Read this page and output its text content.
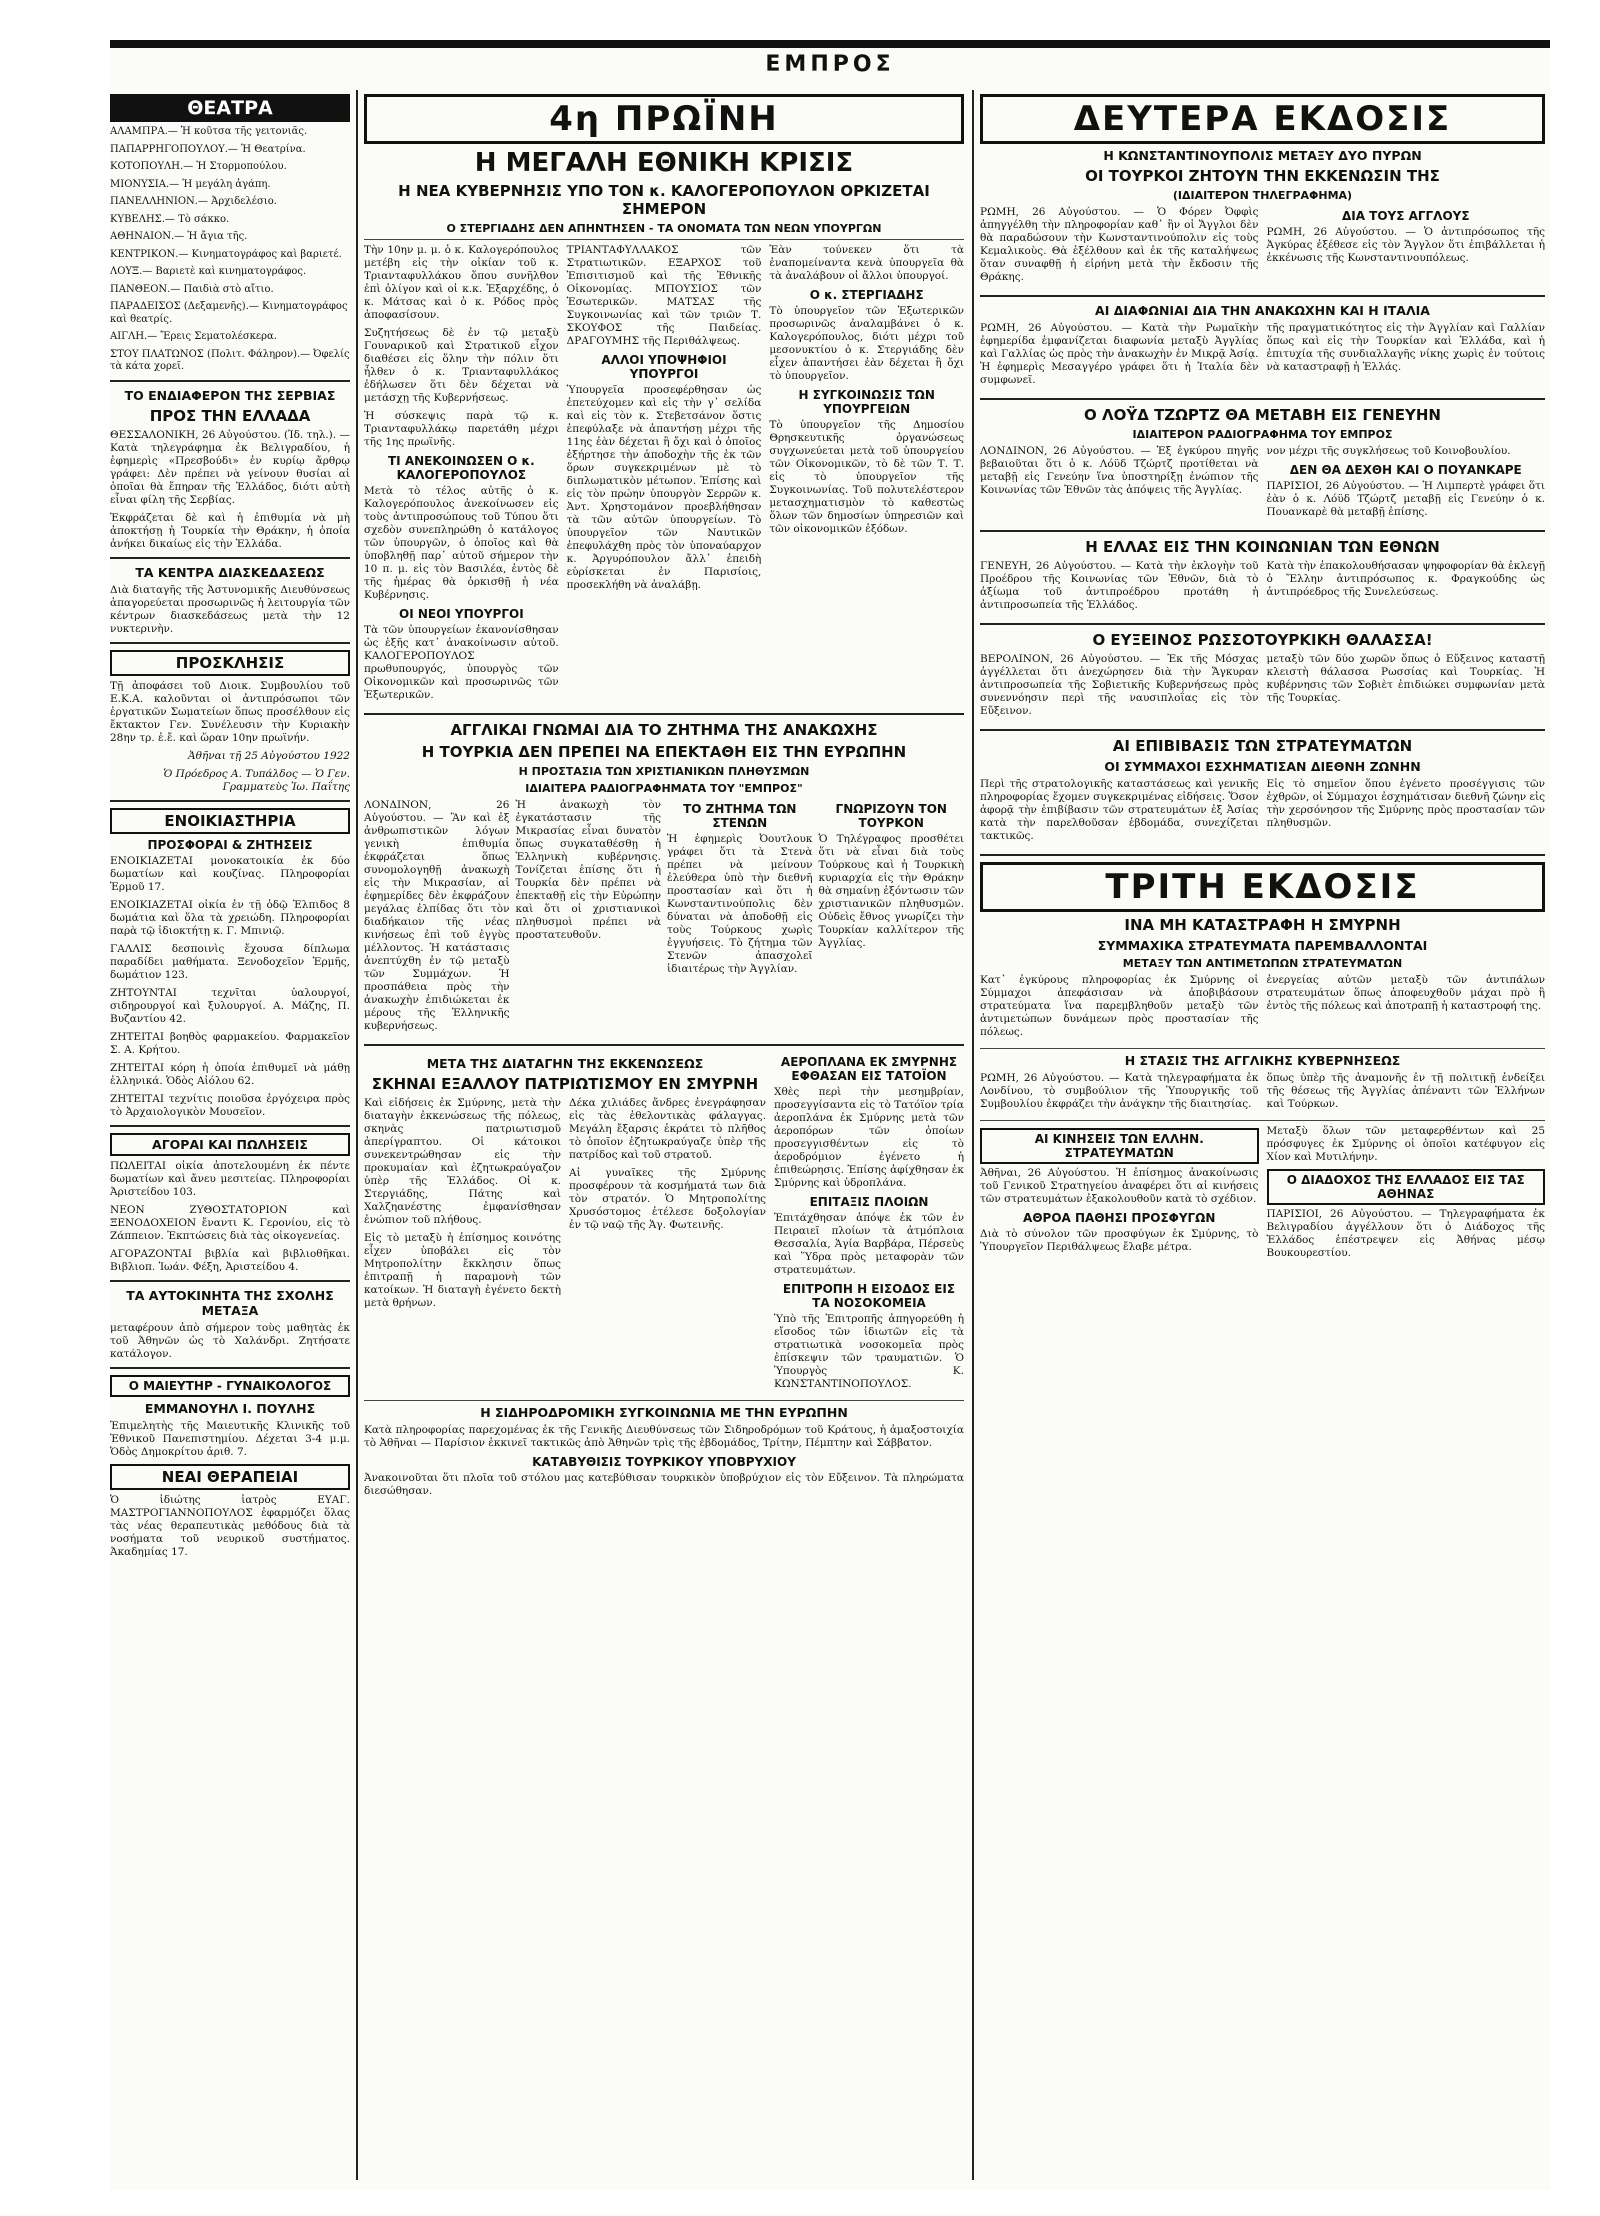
ΕΜΠΡΟΣ
ΘΕΑΤΡΑ

ΑΛΑΜΠΡΑ.— Ἡ κοῦτσα τῆς γειτονιᾶς.

ΠΑΠΑΡΡΗΓΟΠΟΥΛΟΥ.— Ἡ Θεατρίνα.

ΚΟΤΟΠΟΥΛΗ.— Ἡ Στορμοπούλου.

ΜΙΟΝΥΣΙΑ.— Ἡ μεγάλη ἀγάπη.

ΠΑΝΕΛΛΗΝΙΟΝ.— Ἀρχιδελέσιο.

ΚΥΒΕΛΗΣ.— Τὸ σάκκο.

ΑΘΗΝΑΙΟΝ.— Ἡ ἄγια τῆς.

ΚΕΝΤΡΙΚΟΝ.— Κινηματογράφος καὶ βαριετέ.

ΛΟΥΞ.— Βαριετὲ καὶ κινηματογράφος.

ΠΑΝΘΕΟΝ.— Παιδιὰ στὸ αἴτιο.

ΠΑΡΑΔΕΙΣΟΣ (Δεξαμενῆς).— Κινηματογράφος καὶ θεατρίς.

ΑΙΓΛΗ.— Ἔρεις Σεματολέσκερα.

ΣΤΟΥ ΠΛΑΤΩΝΟΣ (Πολιτ. Φάληρον).— Ὀφελίς τὰ κάτα χορεῖ.

ΤΟ ΕΝΔΙΑΦΕΡΟΝ ΤΗΣ ΣΕΡΒΙΑΣ
ΠΡΟΣ ΤΗΝ ΕΛΛΑΔΑ

ΘΕΣΣΑΛΟΝΙΚΗ, 26 Αὐγούστου. (Ἰδ. τηλ.). — Κατὰ τηλεγράφημα ἐκ Βελιγραδίου, ἡ ἐφημερὶς «Πρεσβούδι» ἐν κυρίῳ ἄρθρῳ γράφει: Δὲν πρέπει νὰ γείνουν θυσίαι αἱ ὁποῖαι θὰ ἔπηραν τῆς Ἑλλάδος, διότι αὐτὴ εἶναι φίλη τῆς Σερβίας.

Ἐκφράζεται δὲ καὶ ἡ ἐπιθυμία νὰ μὴ ἀποκτήσῃ ἡ Τουρκία τὴν Θράκην, ἡ ὁποία ἀνήκει δικαίως εἰς τὴν Ἑλλάδα.

ΤΑ ΚΕΝΤΡΑ ΔΙΑΣΚΕΔΑΣΕΩΣ

Διὰ διαταγῆς τῆς Ἀστυνομικῆς Διευθύνσεως ἀπαγορεύεται προσωρινῶς ἡ λειτουργία τῶν κέντρων διασκεδάσεως μετὰ τὴν 12 νυκτερινὴν.

ΠΡΟΣΚΛΗΣΙΣ

Τῇ ἀποφάσει τοῦ Διοικ. Συμβουλίου τοῦ Ε.Κ.Α. καλοῦνται οἱ ἀντιπρόσωποι τῶν ἐργατικῶν Σωματείων ὅπως προσέλθουν εἰς ἔκτακτον Γεν. Συνέλευσιν τὴν Κυριακὴν 28ην τρ. ἐ.ἔ. καὶ ὥραν 10ην πρωϊνήν.

Ἀθῆναι τῇ 25 Αὐγούστου 1922

Ὁ Πρόεδρος Α. Τυπάλδος — Ὁ Γεν. Γραμματεὺς Ἰω. Παΐτης

ΕΝΟΙΚΙΑΣΤΗΡΙΑ
ΠΡΟΣΦΟΡΑΙ & ΖΗΤΗΣΕΙΣ

ΕΝΟΙΚΙΑΖΕΤΑΙ μονοκατοικία ἐκ δύο δωματίων καὶ κουζίνας. Πληροφορίαι Ἑρμοῦ 17.

ΕΝΟΙΚΙΑΖΕΤΑΙ οἰκία ἐν τῇ ὁδῷ Ἑλπιδος 8 δωμάτια καὶ ὅλα τὰ χρειώδη. Πληροφορίαι παρὰ τῷ ἰδιοκτήτῃ κ. Γ. Μπινιῷ.

ΓΑΛΛΙΣ δεσποινὶς ἔχουσα δίπλωμα παραδίδει μαθήματα. Ξενοδοχεῖον Ἑρμῆς, δωμάτιον 123.

ΖΗΤΟΥΝΤΑΙ τεχνῖται ὑαλουργοί, σιδηρουργοί καὶ ξυλουργοί. Α. Μάζης, Π. Βυζαντίου 42.

ΖΗΤΕΙΤΑΙ βοηθὸς φαρμακείου. Φαρμακεῖον Σ. Α. Κρήτου.

ΖΗΤΕΙΤΑΙ κόρη ἡ ὁποία ἐπιθυμεῖ νὰ μάθῃ ἐλληνικά. Ὁδὸς Αἰόλου 62.

ΖΗΤΕΙΤΑΙ τεχνίτις ποιοῦσα ἐργόχειρα πρὸς τὸ Ἀρχαιολογικὸν Μουσεῖον.

ΑΓΟΡΑΙ ΚΑΙ ΠΩΛΗΣΕΙΣ

ΠΩΛΕΙΤΑΙ οἰκία ἀποτελουμένη ἐκ πέντε δωματίων καὶ ἄνευ μεσιτείας. Πληροφορίαι Ἀριστείδου 103.

ΝΕΟΝ ΖΥΘΟΣΤΑΤΟΡΙΟΝ καὶ ΞΕΝΟΔΟΧΕΙΟΝ ἔναντι Κ. Γερονίου, εἰς τὸ Ζάππειον. Ἐκπτώσεις διὰ τὰς οἰκογενείας.

ΑΓΟΡΑΖΟΝΤΑΙ βιβλία καὶ βιβλιοθῆκαι. Βιβλιοπ. Ἰωάν. Φέξη, Ἀριστείδου 4.

ΤΑ ΑΥΤΟΚΙΝΗΤΑ ΤΗΣ ΣΧΟΛΗΣ ΜΕΤΑΞΑ

μεταφέρουν ἀπὸ σήμερον τοὺς μαθητὰς ἐκ τοῦ Ἀθηνῶν ὡς τὸ Χαλάνδρι. Ζητήσατε κατάλογον.

Ο ΜΑΙΕΥΤΗΡ - ΓΥΝΑΙΚΟΛΟΓΟΣ
ΕΜΜΑΝΟΥΗΛ Ι. ΠΟΥΛΗΣ

Ἐπιμελητὴς τῆς Μαιευτικῆς Κλινικῆς τοῦ Ἐθνικοῦ Πανεπιστημίου. Δέχεται 3-4 μ.μ. Ὁδὸς Δημοκρίτου ἀριθ. 7.

ΝΕΑΙ ΘΕΡΑΠΕΙΑΙ

Ὁ ἰδιώτης ἰατρὸς ΕΥΑΓ. ΜΑΣΤΡΟΓΙΑΝΝΟΠΟΥΛΟΣ ἐφαρμόζει ὅλας τὰς νέας θεραπευτικὰς μεθόδους διὰ τὰ νοσήματα τοῦ νευρικοῦ συστήματος. Ἀκαδημίας 17.

4η ΠΡΩΪΝΗ
Η ΜΕΓΑΛΗ ΕΘΝΙΚΗ ΚΡΙΣΙΣ
Η ΝΕΑ ΚΥΒΕΡΝΗΣΙΣ ΥΠΟ ΤΟΝ κ. ΚΑΛΟΓΕΡΟΠΟΥΛΟΝ ΟΡΚΙΖΕΤΑΙ ΣΗΜΕΡΟΝ
Ο ΣΤΕΡΓΙΑΔΗΣ ΔΕΝ ΑΠΗΝΤΗΣΕΝ - ΤΑ ΟΝΟΜΑΤΑ ΤΩΝ ΝΕΩΝ ΥΠΟΥΡΓΩΝ

Τὴν 10ην μ. μ. ὁ κ. Καλογερόπουλος μετέβη εἰς τὴν οἰκίαν τοῦ κ. Τριανταφυλλάκου ὅπου συνῆλθον ἐπὶ ὀλίγον καὶ οἱ κ.κ. Ἐξαρχέδης, ὁ κ. Μάτσας καὶ ὁ κ. Ρόδος πρὸς ἀποφασίσουν.

Συζητήσεως δὲ ἐν τῷ μεταξὺ Γουναρικοῦ καὶ Στρατικοῦ εἶχον διαθέσει εἰς ὅλην τὴν πόλιν ὅτι ἦλθεν ὁ κ. Τριανταφυλλάκος ἐδήλωσεν ὅτι δὲν δέχεται νὰ μετάσχῃ τῆς Κυβερνήσεως.

Ἡ σύσκεψις παρὰ τῷ κ. Τριανταφυλλάκῳ παρετάθη μέχρι τῆς 1ης πρωϊνῆς.

ΤΙ ΑΝΕΚΟΙΝΩΣΕΝ Ο κ. ΚΑΛΟΓΕΡΟΠΟΥΛΟΣ

Μετὰ τὸ τέλος αὐτῆς ὁ κ. Καλογερόπουλος ἀνεκοίνωσεν εἰς τοὺς ἀντιπροσώπους τοῦ Τύπου ὅτι σχεδὸν συνεπληρώθη ὁ κατάλογος τῶν ὑπουργῶν, ὁ ὁποῖος καὶ θὰ ὑποβληθῇ παρ᾽ αὐτοῦ σήμερον τὴν 10 π. μ. εἰς τὸν Βασιλέα, ἐντὸς δὲ τῆς ἡμέρας θὰ ὁρκισθῇ ἡ νέα Κυβέρνησις.

ΟΙ ΝΕΟΙ ΥΠΟΥΡΓΟΙ

Τὰ τῶν ὑπουργείων ἐκανονίσθησαν ὡς ἑξῆς κατ᾽ ἀνακοίνωσιν αὐτοῦ. ΚΑΛΟΓΕΡΟΠΟΥΛΟΣ πρωθυπουργός, ὑπουργὸς τῶν Οἰκονομικῶν καὶ προσωρινῶς τῶν Ἐξωτερικῶν.

ΤΡΙΑΝΤΑΦΥΛΛΑΚΟΣ τῶν Στρατιωτικῶν. ΕΞΑΡΧΟΣ τοῦ Ἐπισιτισμοῦ καὶ τῆς Ἐθνικῆς Οἰκονομίας. ΜΠΟΥΣΙΟΣ τῶν Ἐσωτερικῶν. ΜΑΤΣΑΣ τῆς Συγκοινωνίας καὶ τῶν τριῶν Τ. ΣΚΟΥΦΟΣ τῆς Παιδείας. ΔΡΑΓΟΥΜΗΣ τῆς Περιθάλψεως.

ΑΛΛΟΙ ΥΠΟΨΗΦΙΟΙ ΥΠΟΥΡΓΟΙ

Ὑπουργεῖα προσεφέρθησαν ὡς ἐπετεύχομεν καὶ εἰς τὴν γ᾽ σελίδα καὶ εἰς τὸν κ. Στεβετσάνον ὅστις ἐπεφύλαξε νὰ ἀπαντήσῃ μέχρι τῆς 11ης ἐὰν δέχεται ἢ ὄχι καὶ ὁ ὁποῖος ἐξήρτησε τὴν ἀποδοχὴν τῆς ἐκ τῶν ὅρων συγκεκριμένων μὲ τὸ διπλωματικὸν μέτωπον. Ἐπίσης καὶ εἰς τὸν πρώην ὑπουργὸν Σερρῶν κ. Ἀντ. Χρηστομάνον προεβλήθησαν τὰ τῶν αὐτῶν ὑπουργείων. Τὸ ὑπουργεῖον τῶν Ναυτικῶν ἐπεφυλάχθη πρὸς τὸν ὑποναύαρχον κ. Ἀργυρόπουλον ἄλλ᾽ ἐπειδὴ εὑρίσκεται ἐν Παρισίοις, προσεκλήθη νὰ ἀναλάβῃ.

Ἐὰν τούνεκεν ὅτι τὰ ἐναπομείναντα κενὰ ὑπουργεῖα θὰ τὰ ἀναλάβουν οἱ ἄλλοι ὑπουργοί.

Ο κ. ΣΤΕΡΓΙΑΔΗΣ

Τὸ ὑπουργεῖον τῶν Ἐξωτερικῶν προσωρινῶς ἀναλαμβάνει ὁ κ. Καλογερόπουλος, διότι μέχρι τοῦ μεσονυκτίου ὁ κ. Στεργιάδης δὲν εἶχεν ἀπαντήσει ἐὰν δέχεται ἢ ὄχι τὸ ὑπουργεῖον.

Η ΣΥΓΚΟΙΝΩΣΙΣ ΤΩΝ ΥΠΟΥΡΓΕΙΩΝ

Τὸ ὑπουργεῖον τῆς Δημοσίου Θρησκευτικῆς ὀργανώσεως συγχωνεύεται μετὰ τοῦ ὑπουργείου τῶν Οἰκονομικῶν, τὸ δὲ τῶν Τ. Τ. εἰς τὸ ὑπουργεῖον τῆς Συγκοινωνίας. Τοῦ πολυτελέστερον μετασχηματισμὸν τὸ καθεστὼς ὅλων τῶν δημοσίων ὑπηρεσιῶν καὶ τῶν οἰκονομικῶν ἐξόδων.

ΑΓΓΛΙΚΑΙ ΓΝΩΜΑΙ ΔΙΑ ΤΟ ΖΗΤΗΜΑ ΤΗΣ ΑΝΑΚΩΧΗΣ
Η ΤΟΥΡΚΙΑ ΔΕΝ ΠΡΕΠΕΙ ΝΑ ΕΠΕΚΤΑΘΗ ΕΙΣ ΤΗΝ ΕΥΡΩΠΗΝ
Η ΠΡΟΣΤΑΣΙΑ ΤΩΝ ΧΡΙΣΤΙΑΝΙΚΩΝ ΠΛΗΘΥΣΜΩΝ
ΙΔΙΑΙΤΕΡΑ ΡΑΔΙΟΓΡΑΦΗΜΑΤΑ ΤΟΥ "ΕΜΠΡΟΣ"

ΛΟΝΔΙΝΟΝ, 26 Αὐγούστου. — Ἂν καὶ ἐξ ἀνθρωπιστικῶν λόγων γενικὴ ἐπιθυμία ἐκφράζεται ὅπως συνομολογηθῇ ἀνακωχὴ εἰς τὴν Μικρασίαν, αἱ ἐφημερίδες δὲν ἐκφράζουν μεγάλας ἐλπίδας ὅτι τὸν διαδήκαιον τῆς νέας κινήσεως ἐπὶ τοῦ ἐγγὺς μέλλοντος. Ἡ κατάστασις ἀνεπτύχθη ἐν τῷ μεταξὺ τῶν Συμμάχων. Ἡ προσπάθεια πρὸς τὴν ἀνακωχὴν ἐπιδιώκεται ἐκ μέρους τῆς Ἑλληνικῆς κυβερνήσεως.

Ἡ ἀνακωχὴ τὸν ἐγκατάστασιν τῆς Μικρασίας εἶναι δυνατὸν ὅπως συγκαταθέσθῃ ἡ Ἑλληνικὴ κυβέρνησις. Τονίζεται ἐπίσης ὅτι ἡ Τουρκία δὲν πρέπει νὰ ἐπεκταθῇ εἰς τὴν Εὐρώπην καὶ ὅτι οἱ χριστιανικοὶ πληθυσμοὶ πρέπει νὰ προστατευθοῦν.

ΤΟ ΖΗΤΗΜΑ ΤΩΝ ΣΤΕΝΩΝ

Ἡ ἐφημερὶς Ὀουτλουκ γράφει ὅτι τὰ Στενὰ πρέπει νὰ μείνουν ἐλεύθερα ὑπὸ τὴν διεθνῆ προστασίαν καὶ ὅτι ἡ Κωνσταντινούπολις δὲν δύναται νὰ ἀποδοθῇ εἰς τοὺς Τούρκους χωρὶς ἐγγυήσεις. Τὸ ζήτημα τῶν Στενῶν ἀπασχολεῖ ἰδιαιτέρως τὴν Ἀγγλίαν.

ΓΝΩΡΙΖΟΥΝ ΤΟΝ ΤΟΥΡΚΟΝ

Ὁ Τηλέγραφος προσθέτει ὅτι νὰ εἶναι διὰ τοὺς Τούρκους καὶ ἡ Τουρκικὴ κυριαρχία εἰς τὴν Θράκην θὰ σημαίνῃ ἐξόντωσιν τῶν χριστιανικῶν πληθυσμῶν. Οὐδεὶς ἔθνος γνωρίζει τὴν Τουρκίαν καλλίτερον τῆς Ἀγγλίας.

ΜΕΤΑ ΤΗΣ ΔΙΑΤΑΓΗΝ ΤΗΣ ΕΚΚΕΝΩΣΕΩΣ
ΣΚΗΝΑΙ ΕΞΑΛΛΟΥ ΠΑΤΡΙΩΤΙΣΜΟΥ ΕΝ ΣΜΥΡΝΗ

Καὶ εἰδήσεις ἐκ Σμύρνης, μετὰ τὴν διαταγὴν ἐκκενώσεως τῆς πόλεως, σκηνὰς πατριωτισμοῦ ἀπερίγραπτου. Οἱ κάτοικοι συνεκεντρώθησαν εἰς τὴν προκυμαίαν καὶ ἐζητωκραύγαζον ὑπὲρ τῆς Ἑλλάδος. Οἱ κ. Στεργιάδης, Πάτης καὶ Χαλζηανέστης ἐμφανίσθησαν ἐνώπιον τοῦ πλήθους.

Εἰς τὸ μεταξὺ ἡ ἐπίσημος κοινότης εἶχεν ὑποβάλει εἰς τὸν Μητροπολίτην ἔκκλησιν ὅπως ἐπιτραπῇ ἡ παραμονὴ τῶν κατοίκων. Ἡ διαταγὴ ἐγένετο δεκτὴ μετὰ θρήνων.

Δέκα χιλιάδες ἄνδρες ἐνεγράφησαν εἰς τὰς ἐθελοντικὰς φάλαγγας. Μεγάλη ἔξαρσις ἐκράτει τὸ πλῆθος τὸ ὁποῖον ἐζητωκραύγαζε ὑπὲρ τῆς πατρίδος καὶ τοῦ στρατοῦ.

Αἱ γυναῖκες τῆς Σμύρνης προσφέρουν τὰ κοσμήματά των διὰ τὸν στρατόν. Ὁ Μητροπολίτης Χρυσόστομος ἐτέλεσε δοξολογίαν ἐν τῷ ναῷ τῆς Ἁγ. Φωτεινῆς.

ΑΕΡΟΠΛΑΝΑ ΕΚ ΣΜΥΡΝΗΣ ΕΦΘΑΣΑΝ ΕΙΣ ΤΑΤΟΪΟΝ

Χθὲς περὶ τὴν μεσημβρίαν, προσεγγίσαντα εἰς τὸ Τατόϊον τρία ἀεροπλάνα ἐκ Σμύρνης μετὰ τῶν ἀεροπόρων τῶν ὁποίων προσεγγισθέντων εἰς τὸ ἀεροδρόμιον ἐγένετο ἡ ἐπιθεώρησις. Ἐπίσης ἀφίχθησαν ἐκ Σμύρνης καὶ ὑδροπλάνα.

ΕΠΙΤΑΞΙΣ ΠΛΟΙΩΝ

Ἐπιτάχθησαν ἀπόψε ἐκ τῶν ἐν Πειραιεῖ πλοίων τὰ ἀτμόπλοια Θεσσαλία, Ἁγία Βαρβάρα, Πέρσεὺς καὶ Ὕδρα πρὸς μεταφορὰν τῶν στρατευμάτων.

ΕΠΙΤΡΟΠΗ Η ΕΙΣΟΔΟΣ ΕΙΣ ΤΑ ΝΟΣΟΚΟΜΕΙΑ

Ὑπὸ τῆς Ἐπιτροπῆς ἀπηγορεύθη ἡ εἴσοδος τῶν ἰδιωτῶν εἰς τὰ στρατιωτικὰ νοσοκομεῖα πρὸς ἐπίσκεψιν τῶν τραυματιῶν. Ὁ Ὑπουργὸς Κ. ΚΩΝΣΤΑΝΤΙΝΟΠΟΥΛΟΣ.

Η ΣΙΔΗΡΟΔΡΟΜΙΚΗ ΣΥΓΚΟΙΝΩΝΙΑ ΜΕ ΤΗΝ ΕΥΡΩΠΗΝ

Κατὰ πληροφορίας παρεχομένας ἐκ τῆς Γενικῆς Διευθύνσεως τῶν Σιδηροδρόμων τοῦ Κράτους, ἡ ἀμαξοστοιχία τὸ Ἀθῆναι — Παρίσιον ἐκκινεῖ τακτικῶς ἀπὸ Ἀθηνῶν τρὶς τῆς ἑβδομάδος, Τρίτην, Πέμπτην καὶ Σάββατον.

ΚΑΤΑΒΥΘΙΣΙΣ ΤΟΥΡΚΙΚΟΥ ΥΠΟΒΡΥΧΙΟΥ

Ἀνακοινοῦται ὅτι πλοῖα τοῦ στόλου μας κατεβύθισαν τουρκικὸν ὑποβρύχιον εἰς τὸν Εὔξεινον. Τὰ πληρώματα διεσώθησαν.

ΔΕΥΤΕΡΑ ΕΚΔΟΣΙΣ
Η ΚΩΝΣΤΑΝΤΙΝΟΥΠΟΛΙΣ ΜΕΤΑΞΥ ΔΥΟ ΠΥΡΩΝ
ΟΙ ΤΟΥΡΚΟΙ ΖΗΤΟΥΝ ΤΗΝ ΕΚΚΕΝΩΣΙΝ ΤΗΣ
(ΙΔΙΑΙΤΕΡΟΝ ΤΗΛΕΓΡΑΦΗΜΑ)

ΡΩΜΗ, 26 Αὐγούστου. — Ὁ Φόρεν Ὀφφὶς ἀπηγγέλθη τὴν πληροφορίαν καθ᾽ ἣν οἱ Ἄγγλοι δὲν θὰ παραδώσουν τὴν Κωνσταντινούπολιν εἰς τοὺς Κεμαλικοὺς. Θὰ ἐξέλθουν καὶ ἐκ τῆς καταλήψεως ὅταν συναφθῇ ἡ εἰρήνη μετὰ τὴν ἔκδοσιν τῆς Θράκης.

ΔΙΑ ΤΟΥΣ ΑΓΓΛΟΥΣ

ΡΩΜΗ, 26 Αὐγούστου. — Ὁ ἀντιπρόσωπος τῆς Ἀγκύρας ἐξέθεσε εἰς τὸν Ἄγγλον ὅτι ἐπιβάλλεται ἡ ἐκκένωσις τῆς Κωνσταντινουπόλεως.

ΑΙ ΔΙΑΦΩΝΙΑΙ ΔΙΑ ΤΗΝ ΑΝΑΚΩΧΗΝ ΚΑΙ Η ΙΤΑΛΙΑ

ΡΩΜΗ, 26 Αὐγούστου. — Κατὰ τὴν Ρωμαϊκὴν ἐφημερίδα ἐμφανίζεται διαφωνία μεταξὺ Ἀγγλίας καὶ Γαλλίας ὡς πρὸς τὴν ἀνακωχὴν ἐν Μικρᾷ Ἀσίᾳ. Ἡ ἐφημερὶς Μεσαγγέρο γράφει ὅτι ἡ Ἰταλία δὲν συμφωνεῖ.

τῆς πραγματικότητος εἰς τὴν Ἀγγλίαν καὶ Γαλλίαν ὅπως καὶ εἰς τὴν Τουρκίαν καὶ Ἑλλάδα, καὶ ἡ ἐπιτυχία τῆς συνδιαλλαγῆς νίκης χωρὶς ἐν τούτοις νὰ καταστραφῇ ἡ Ἑλλάς.

Ο ΛΟΫΔ ΤΖΩΡΤΖ ΘΑ ΜΕΤΑΒΗ ΕΙΣ ΓΕΝΕΥΗΝ
ΙΔΙΑΙΤΕΡΟΝ ΡΑΔΙΟΓΡΑΦΗΜΑ ΤΟΥ ΕΜΠΡΟΣ

ΛΟΝΔΙΝΟΝ, 26 Αὐγούστου. — Ἐξ ἐγκύρου πηγῆς βεβαιοῦται ὅτι ὁ κ. Λόϋδ Τζώρτζ προτίθεται νὰ μεταβῇ εἰς Γενεύην ἵνα ὑποστηρίξῃ ἐνώπιον τῆς Κοινωνίας τῶν Ἐθνῶν τὰς ἀπόψεις τῆς Ἀγγλίας.

νον μέχρι τῆς συγκλήσεως τοῦ Κοινοβουλίου.

ΔΕΝ ΘΑ ΔΕΧΘΗ ΚΑΙ Ο ΠΟΥΑΝΚΑΡΕ

ΠΑΡΙΣΙΟΙ, 26 Αὐγούστου. — Ἡ Λιμπερτὲ γράφει ὅτι ἐὰν ὁ κ. Λόϋδ Τζώρτζ μεταβῇ εἰς Γενεύην ὁ κ. Πουανκαρὲ θὰ μεταβῇ ἐπίσης.

Η ΕΛΛΑΣ ΕΙΣ ΤΗΝ ΚΟΙΝΩΝΙΑΝ ΤΩΝ ΕΘΝΩΝ

ΓΕΝΕΥΗ, 26 Αὐγούστου. — Κατὰ τὴν ἐκλογὴν τοῦ Προέδρου τῆς Κοινωνίας τῶν Ἐθνῶν, διὰ τὸ ἀξίωμα τοῦ ἀντιπροέδρου προτάθη ἡ ἀντιπροσωπεία τῆς Ἑλλάδος.

Κατὰ τὴν ἐπακολουθήσασαν ψηφοφορίαν θὰ ἐκλεγῇ ὁ Ἕλλην ἀντιπρόσωπος κ. Φραγκούδης ὡς ἀντιπρόεδρος τῆς Συνελεύσεως.

Ο ΕΥΞΕΙΝΟΣ ΡΩΣΣΟΤΟΥΡΚΙΚΗ ΘΑΛΑΣΣΑ!

ΒΕΡΟΛΙΝΟΝ, 26 Αὐγούστου. — Ἐκ τῆς Μόσχας ἀγγέλλεται ὅτι ἀνεχώρησεν διὰ τὴν Ἄγκυραν ἀντιπροσωπεία τῆς Σοβιετικῆς Κυβερνήσεως πρὸς συνεννόησιν περὶ τῆς ναυσιπλοΐας εἰς τὸν Εὔξεινον.

μεταξὺ τῶν δύο χωρῶν ὅπως ὁ Εὔξεινος καταστῇ κλειστὴ θάλασσα Ρωσσίας καὶ Τουρκίας. Ἡ κυβέρνησις τῶν Σοβιὲτ ἐπιδιώκει συμφωνίαν μετὰ τῆς Τουρκίας.

ΑΙ ΕΠΙΒΙΒΑΣΙΣ ΤΩΝ ΣΤΡΑΤΕΥΜΑΤΩΝ
ΟΙ ΣΥΜΜΑΧΟΙ ΕΣΧΗΜΑΤΙΣΑΝ ΔΙΕΘΝΗ ΖΩΝΗΝ

Περὶ τῆς στρατολογικῆς καταστάσεως καὶ γενικῆς πληροφορίας ἔχομεν συγκεκριμένας εἰδήσεις. Ὅσον ἀφορᾷ τὴν ἐπιβίβασιν τῶν στρατευμάτων ἐξ Ἀσίας κατὰ τὴν παρελθοῦσαν ἑβδομάδα, συνεχίζεται τακτικῶς.

Εἰς τὸ σημεῖον ὅπου ἐγένετο προσέγγισις τῶν ἐχθρῶν, οἱ Σύμμαχοι ἐσχημάτισαν διεθνῆ ζώνην εἰς τὴν χερσόνησον τῆς Σμύρνης πρὸς προστασίαν τῶν πληθυσμῶν.

ΤΡΙΤΗ ΕΚΔΟΣΙΣ
ΙΝΑ ΜΗ ΚΑΤΑΣΤΡΑΦΗ Η ΣΜΥΡΝΗ
ΣΥΜΜΑΧΙΚΑ ΣΤΡΑΤΕΥΜΑΤΑ ΠΑΡΕΜΒΑΛΛΟΝΤΑΙ
ΜΕΤΑΞΥ ΤΩΝ ΑΝΤΙΜΕΤΩΠΩΝ ΣΤΡΑΤΕΥΜΑΤΩΝ

Κατ᾽ ἐγκύρους πληροφορίας ἐκ Σμύρνης οἱ Σύμμαχοι ἀπεφάσισαν νὰ ἀποβιβάσουν στρατεύματα ἵνα παρεμβληθοῦν μεταξὺ τῶν ἀντιμετώπων δυνάμεων πρὸς προστασίαν τῆς πόλεως.

ἐνεργείας αὐτῶν μεταξὺ τῶν ἀντιπάλων στρατευμάτων ὅπως ἀποφευχθοῦν μάχαι πρὸ ἢ ἐντὸς τῆς πόλεως καὶ ἀποτραπῇ ἡ καταστροφή της.

Η ΣΤΑΣΙΣ ΤΗΣ ΑΓΓΛΙΚΗΣ ΚΥΒΕΡΝΗΣΕΩΣ

ΡΩΜΗ, 26 Αὐγούστου. — Κατὰ τηλεγραφήματα ἐκ Λονδίνου, τὸ συμβούλιον τῆς Ὑπουργικῆς τοῦ Συμβουλίου ἐκφράζει τὴν ἀνάγκην τῆς διαιτησίας.

ὅπως ὑπὲρ τῆς ἀναμονῆς ἐν τῇ πολιτικῇ ἐνδείξει τῆς θέσεως τῆς Ἀγγλίας ἀπέναντι τῶν Ἑλλήνων καὶ Τούρκων.

ΑΙ ΚΙΝΗΣΕΙΣ ΤΩΝ ΕΛΛΗΝ. ΣΤΡΑΤΕΥΜΑΤΩΝ

Ἀθῆναι, 26 Αὐγούστου. Ἡ ἐπίσημος ἀνακοίνωσις τοῦ Γενικοῦ Στρατηγείου ἀναφέρει ὅτι αἱ κινήσεις τῶν στρατευμάτων ἐξακολουθοῦν κατὰ τὸ σχέδιον.

ΑΘΡΟΑ ΠΑΘΗΣΙ ΠΡΟΣΦΥΓΩΝ

Διὰ τὸ σύνολον τῶν προσφύγων ἐκ Σμύρνης, τὸ Ὑπουργεῖον Περιθάλψεως ἔλαβε μέτρα.

Μεταξὺ ὅλων τῶν μεταφερθέντων καὶ 25 πρόσφυγες ἐκ Σμύρνης οἱ ὁποῖοι κατέφυγον εἰς Χίον καὶ Μυτιλήνην.

Ο ΔΙΑΔΟΧΟΣ ΤΗΣ ΕΛΛΑΔΟΣ ΕΙΣ ΤΑΣ ΑΘΗΝΑΣ

ΠΑΡΙΣΙΟΙ, 26 Αὐγούστου. — Τηλεγραφήματα ἐκ Βελιγραδίου ἀγγέλλουν ὅτι ὁ Διάδοχος τῆς Ἑλλάδος ἐπέστρεψεν εἰς Ἀθήνας μέσῳ Βουκουρεστίου.
